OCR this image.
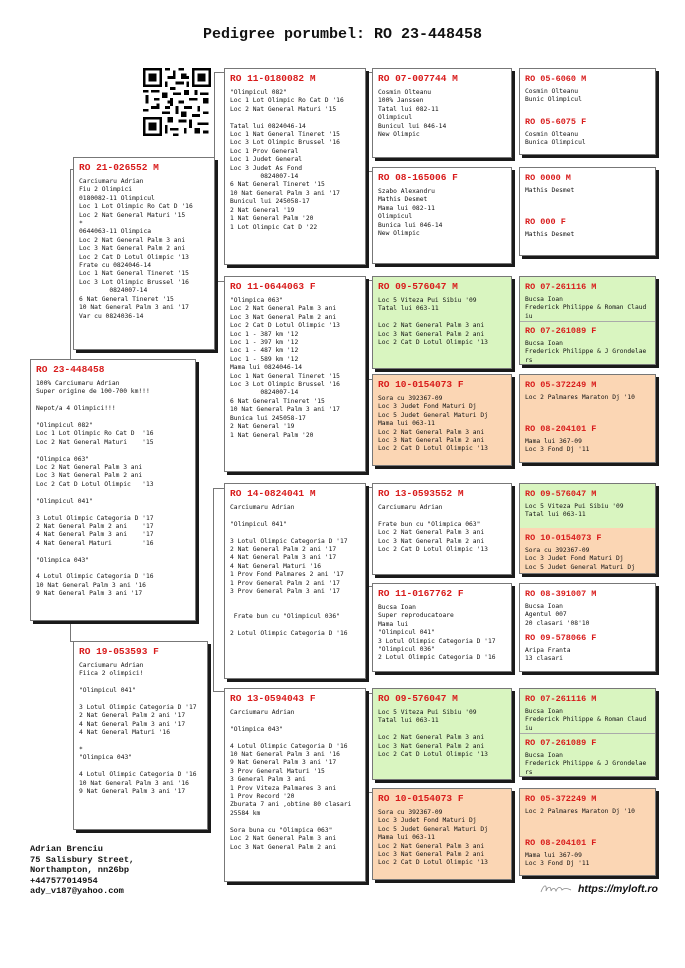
Pedigree porumbel: RO 23-448458
RO 23-448458
100% Carciumaru Adrian
Super origine de 100-700 km!!!

Nepot/a 4 Olimpici!!!

"Olimpicul 082"
Loc 1 Lot Olimpic Ro Cat D  '16
Loc 2 Nat General Maturi    '15

"Olimpica 063"
Loc 2 Nat General Palm 3 ani
Loc 3 Nat General Palm 2 ani
Loc 2 Cat D Lotul Olimpic   '13

"Olimpicul 041"

3 Lotul Olimpic Categoria D '17
2 Nat General Palm 2 ani    '17
4 Nat General Palm 3 ani    '17
4 Nat General Maturi        '16

"Olimpica 043"

4 Lotul Olimpic Categoria D '16
10 Nat General Palm 3 ani '16
9 Nat General Palm 3 ani '17
RO 21-026552 M
Carciumaru Adrian
Fiu 2 Olimpici
0180082-11 Olimpicul
Loc 1 Lot Olimpic Ro Cat D '16
Loc 2 Nat General Maturi '15
*
0644063-11 Olimpica
Loc 2 Nat General Palm 3 ani
Loc 3 Nat General Palm 2 ani
Loc 2 Cat D Lotul Olimpic '13
Frate cu 0824046-14
Loc 1 Nat General Tineret '15
Loc 3 Lot Olimpic Brussel '16
0824007-14
6 Nat General Tineret '15
10 Nat General Palm 3 ani '17
Var cu 0824036-14
RO 19-053593 F
Carciumaru Adrian
Fiica 2 olimpici!

"Olimpicul 041"

3 Lotul Olimpic Categoria D '17
2 Nat General Palm 2 ani '17
4 Nat General Palm 3 ani '17
4 Nat General Maturi '16

*
"Olimpica 043"

4 Lotul Olimpic Categoria D '16
10 Nat General Palm 3 ani '16
9 Nat General Palm 3 ani '17
RO 11-0180082 M
"Olimpicul 082"
Loc 1 Lot Olimpic Ro Cat D '16
Loc 2 Nat General Maturi '15

Tatal lui 0824046-14
Loc 1 Nat General Tineret '15
Loc 3 Lot Olimpic Brussel '16
Loc 1 Prov General
Loc 1 Judet General
Loc 3 Judet As Fond
0824007-14
6 Nat General Tineret '15
10 Nat General Palm 3 ani '17
Bunicul lui 245058-17
2 Nat General '19
1 Nat General Palm '20
1 Lot Olimpic Cat D '22
RO 11-0644063 F
"Olimpica 063"
Loc 2 Nat General Palm 3 ani
Loc 3 Nat General Palm 2 ani
Loc 2 Cat D Lotul Olimpic '13
Loc 1 - 387 km '12
Loc 1 - 397 km '12
Loc 1 - 487 km '12
Loc 1 - 589 km '12
Mama lui 0824046-14
Loc 1 Nat General Tineret '15
Loc 3 Lot Olimpic Brussel '16
0824007-14
6 Nat General Tineret '15
10 Nat General Palm 3 ani '17
Bunica lui 245058-17
2 Nat General '19
1 Nat General Palm '20
RO 14-0824041 M
Carciumaru Adrian

"Olimpicul 041"

3 Lotul Olimpic Categoria D '17
2 Nat General Palm 2 ani '17
4 Nat General Palm 3 ani '17
4 Nat General Maturi '16
1 Prov Fond Palmares 2 ani '17
1 Prov General Palm 2 ani '17
3 Prov General Palm 3 ani '17

Frate bun cu "Olimpicul 036"

2 Lotul Olimpic Categoria D '16
RO 13-0594043 F
Carciumaru Adrian

"Olimpica 043"

4 Lotul Olimpic Categoria D '16
10 Nat General Palm 3 ani '16
9 Nat General Palm 3 ani '17
3 Prov General Maturi '15
3 General Palm 3 ani
1 Prov Viteza Palmares 3 ani
1 Prov Record '20
Zburata 7 ani ,obtine 80 clasari
25584 km

Sora buna cu "Olimpica 063"
Loc 2 Nat General Palm 3 ani
Loc 3 Nat General Palm 2 ani
RO 07-007744 M
Cosmin Olteanu
100% Janssen
Tatal lui 082-11
Olimpicul
Bunicul lui 046-14
New Olimpic
RO 08-165006 F
Szabo Alexandru
Mathis Desmet
Mama lui 082-11
Olimpicul
Bunica lui 046-14
New Olimpic
RO 09-576047 M
Loc 5 Viteza Pui Sibiu '09
Tatal lui 063-11

Loc 2 Nat General Palm 3 ani
Loc 3 Nat General Palm 2 ani
Loc 2 Cat D Lotul Olimpic '13
RO 10-0154073 F
Sora cu 392367-09
Loc 3 Judet Fond Maturi Dj
Loc 5 Judet General Maturi Dj
Mama lui 063-11
Loc 2 Nat General Palm 3 ani
Loc 3 Nat General Palm 2 ani
Loc 2 Cat D Lotul Olimpic '13
RO 13-0593552 M
Carciumaru Adrian

Frate bun cu "Olimpica 063"
Loc 2 Nat General Palm 3 ani
Loc 3 Nat General Palm 2 ani
Loc 2 Cat D Lotul Olimpic '13
RO 11-0167762 F
Bucsa Ioan
Super reproducatoare
Mama lui
"Olimpicul 041"
3 Lotul Olimpic Categoria D '17
"Olimpicul 036"
2 Lotul Olimpic Categoria D '16
RO 09-576047 M
Loc 5 Viteza Pui Sibiu '09
Tatal lui 063-11

Loc 2 Nat General Palm 3 ani
Loc 3 Nat General Palm 2 ani
Loc 2 Cat D Lotul Olimpic '13
RO 10-0154073 F
Sora cu 392367-09
Loc 3 Judet Fond Maturi Dj
Loc 5 Judet General Maturi Dj
Mama lui 063-11
Loc 2 Nat General Palm 3 ani
Loc 3 Nat General Palm 2 ani
Loc 2 Cat D Lotul Olimpic '13
RO 05-6060 M
Cosmin Olteanu
Bunic Olimpicul
RO 05-6075 F
Cosmin Olteanu
Bunica Olimpicul
RO 0000 M
Mathis Desmet
RO 000 F
Mathis Desmet
RO 07-261116 M
Bucsa Ioan
Frederick Philippe & Roman Claud
iu
RO 07-261089 F
Bucsa Ioan
Frederick Philippe & J Grondelae
rs
RO 05-372249 M
Loc 2 Palmares Maraton Dj '10
RO 08-204101 F
Mama lui 367-09
Loc 3 Fond Dj '11
RO 09-576047 M
Loc 5 Viteza Pui Sibiu '09
Tatal lui 063-11
RO 10-0154073 F
Sora cu 392367-09
Loc 3 Judet Fond Maturi Dj
Loc 5 Judet General Maturi Dj
RO 08-391007 M
Bucsa Ioan
Agentul 007
20 clasari '08'10
RO 09-578066 F
Aripa Franta
13 clasari
RO 07-261116 M
Bucsa Ioan
Frederick Philippe & Roman Claud
iu
RO 07-261089 F
Bucsa Ioan
Frederick Philippe & J Grondelae
rs
RO 05-372249 M
Loc 2 Palmares Maraton Dj '10
RO 08-204101 F
Mama lui 367-09
Loc 3 Fond Dj '11
Adrian Brenciu
75 Salisbury Street,
Northampton, nn26bp
+447577014954
ady_v187@yahoo.com	https://myloft.ro
